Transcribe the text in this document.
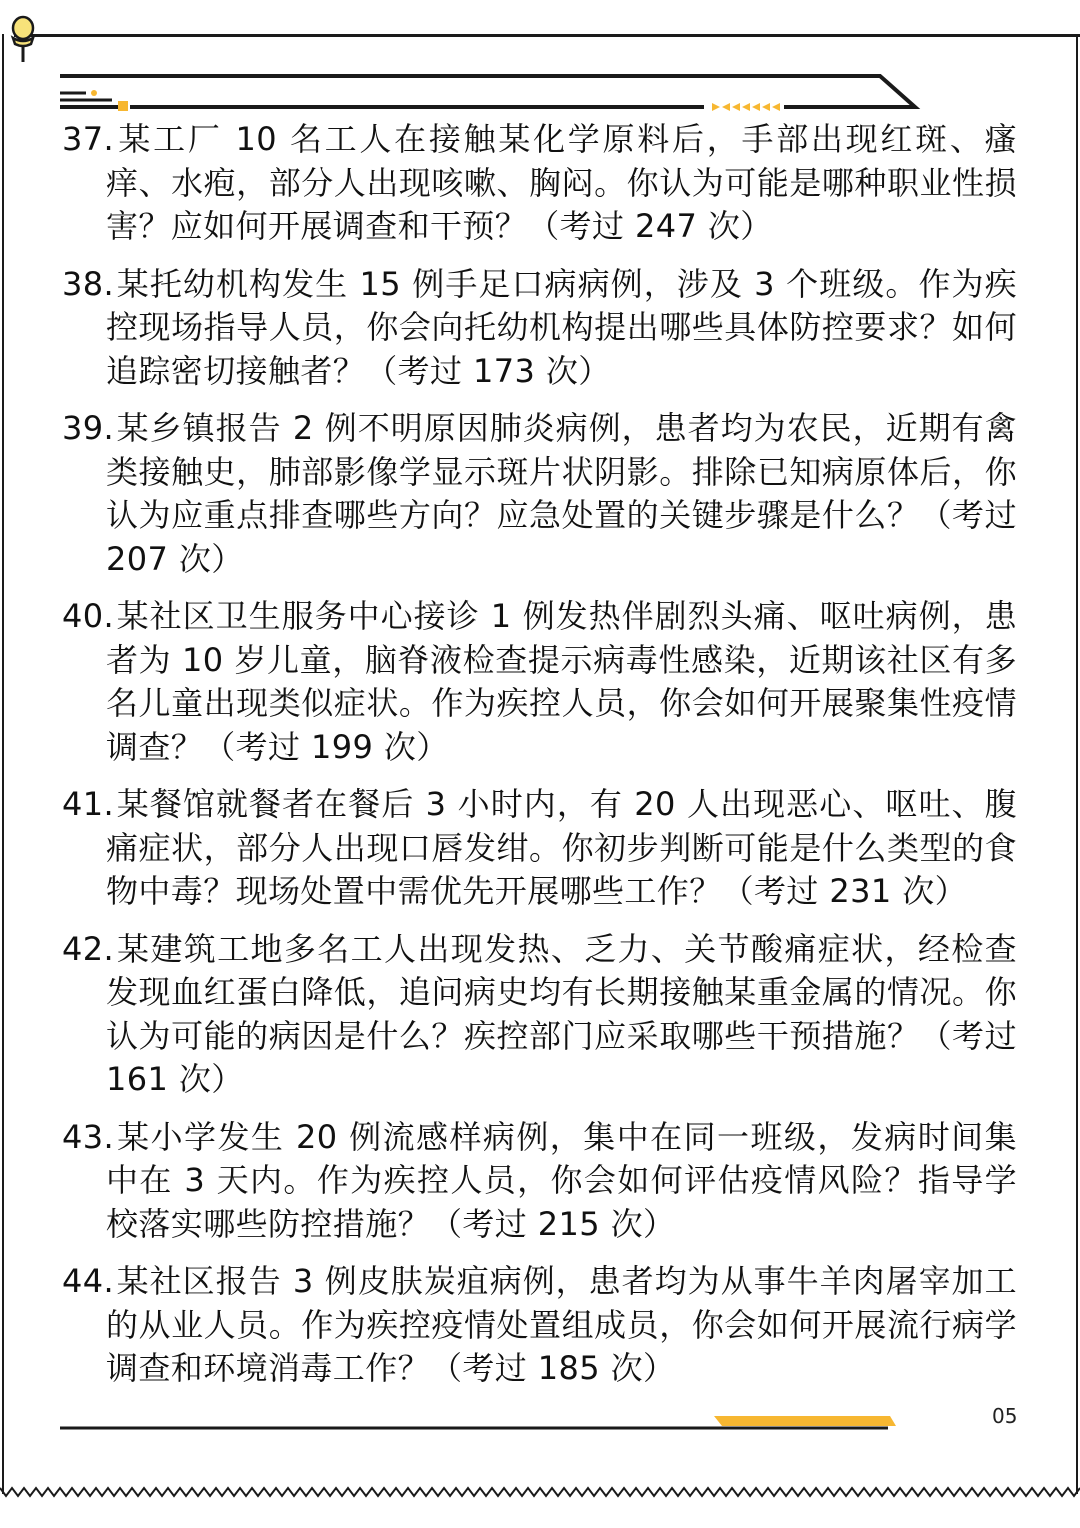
37.某工厂 10 名工人在接触某化学原料后，手部出现红斑、瘙痒、水疱，部分人出现咳嗽、胸闷。你认为可能是哪种职业性损害？应如何开展调查和干预？（考过 247 次）

38.某托幼机构发生 15 例手足口病病例，涉及 3 个班级。作为疾控现场指导人员，你会向托幼机构提出哪些具体防控要求？如何追踪密切接触者？（考过 173 次）

39.某乡镇报告 2 例不明原因肺炎病例，患者均为农民，近期有禽类接触史，肺部影像学显示斑片状阴影。排除已知病原体后，你认为应重点排查哪些方向？应急处置的关键步骤是什么？（考过 207 次）

40.某社区卫生服务中心接诊 1 例发热伴剧烈头痛、呕吐病例，患者为 10 岁儿童，脑脊液检查提示病毒性感染，近期该社区有多名儿童出现类似症状。作为疾控人员，你会如何开展聚集性疫情调查？（考过 199 次）

41.某餐馆就餐者在餐后 3 小时内，有 20 人出现恶心、呕吐、腹痛症状，部分人出现口唇发绀。你初步判断可能是什么类型的食物中毒？现场处置中需优先开展哪些工作？（考过 231 次）

42.某建筑工地多名工人出现发热、乏力、关节酸痛症状，经检查发现血红蛋白降低，追问病史均有长期接触某重金属的情况。你认为可能的病因是什么？疾控部门应采取哪些干预措施？（考过 161 次）

43.某小学发生 20 例流感样病例，集中在同一班级，发病时间集中在 3 天内。作为疾控人员，你会如何评估疫情风险？指导学校落实哪些防控措施？（考过 215 次）

44.某社区报告 3 例皮肤炭疽病例，患者均为从事牛羊肉屠宰加工的从业人员。作为疾控疫情处置组成员，你会如何开展流行病学调查和环境消毒工作？（考过 185 次）

05
